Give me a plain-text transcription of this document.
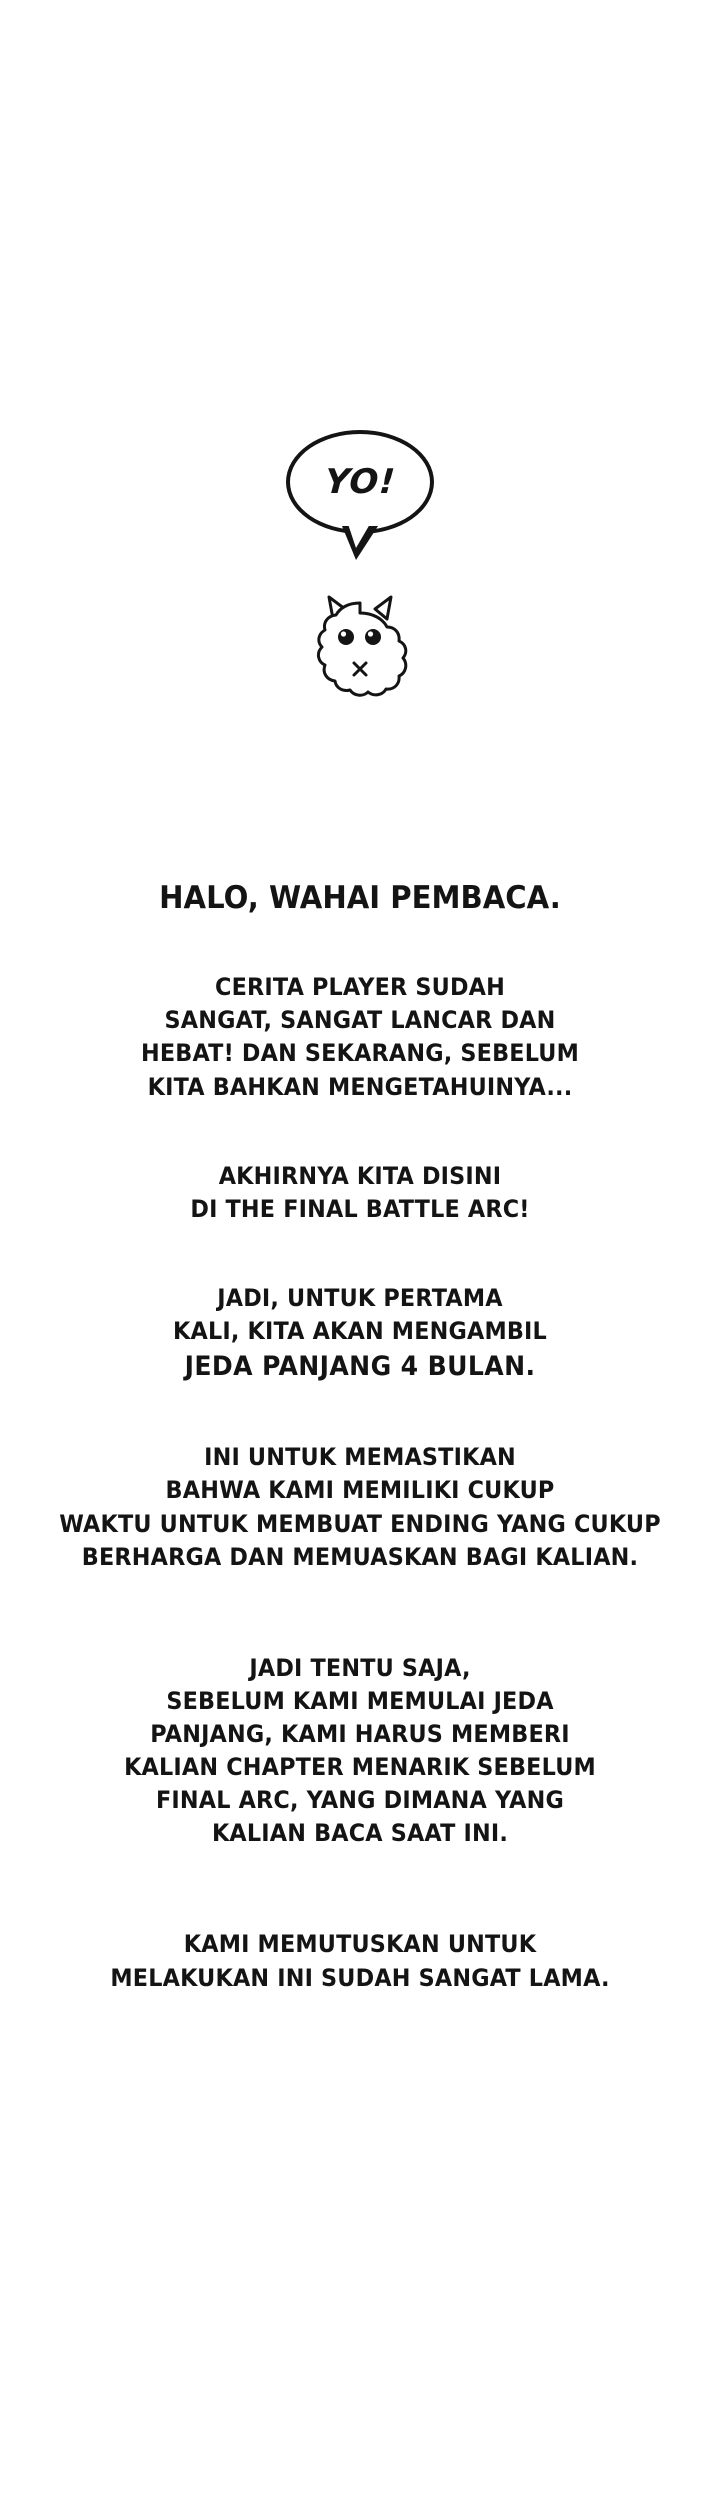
YO!
HALO, WAHAI PEMBACA.
CERITA PLAYER SUDAH
SANGAT, SANGAT LANCAR DAN
HEBAT! DAN SEKARANG, SEBELUM
KITA BAHKAN MENGETAHUINYA...
AKHIRNYA KITA DISINI
DI THE FINAL BATTLE ARC!
JADI, UNTUK PERTAMA
KALI, KITA AKAN MENGAMBIL
JEDA PANJANG 4 BULAN.
INI UNTUK MEMASTIKAN
BAHWA KAMI MEMILIKI CUKUP
WAKTU UNTUK MEMBUAT ENDING YANG CUKUP
BERHARGA DAN MEMUASKAN BAGI KALIAN.
JADI TENTU SAJA,
SEBELUM KAMI MEMULAI JEDA
PANJANG, KAMI HARUS MEMBERI
KALIAN CHAPTER MENARIK SEBELUM
FINAL ARC, YANG DIMANA YANG
KALIAN BACA SAAT INI.
KAMI MEMUTUSKAN UNTUK
MELAKUKAN INI SUDAH SANGAT LAMA.
